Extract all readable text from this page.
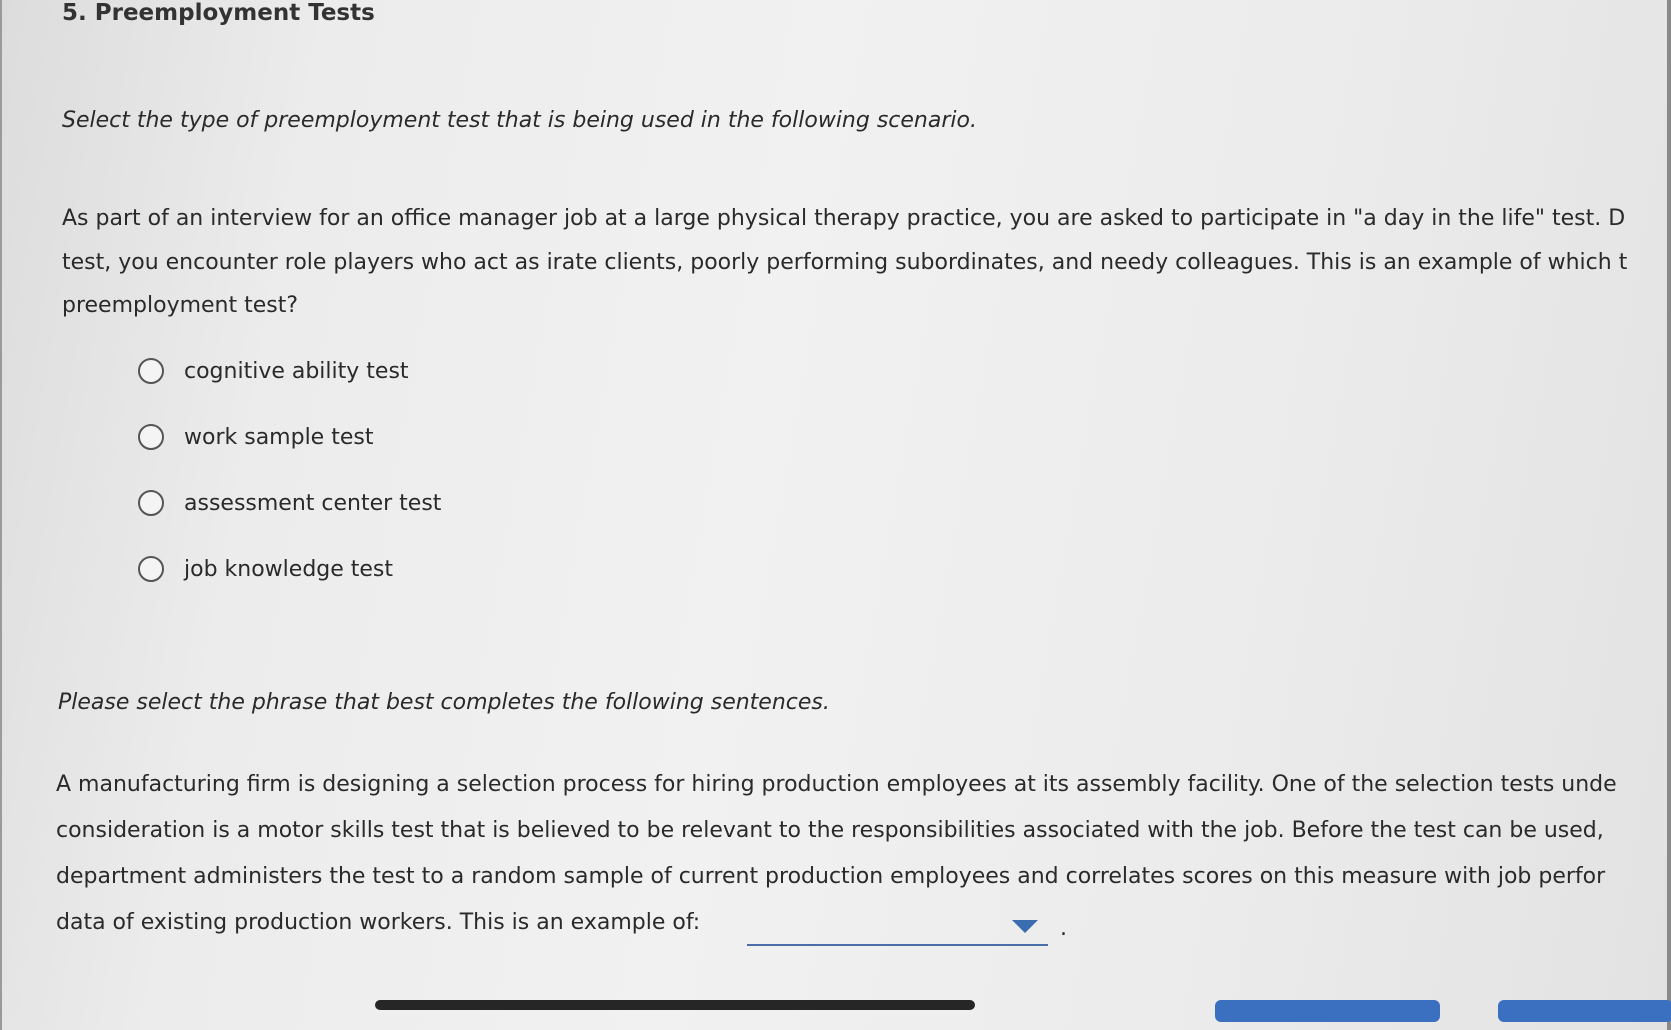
5. Preemployment Tests
Select the type of preemployment test that is being used in the following scenario.
As part of an interview for an office manager job at a large physical therapy practice, you are asked to participate in "a day in the life" test. D
test, you encounter role players who act as irate clients, poorly performing subordinates, and needy colleagues. This is an example of which t
preemployment test?
cognitive ability test
work sample test
assessment center test
job knowledge test
Please select the phrase that best completes the following sentences.
A manufacturing firm is designing a selection process for hiring production employees at its assembly facility. One of the selection tests unde
consideration is a motor skills test that is believed to be relevant to the responsibilities associated with the job. Before the test can be used,
department administers the test to a random sample of current production employees and correlates scores on this measure with job perfor
data of existing production workers. This is an example of:	.
